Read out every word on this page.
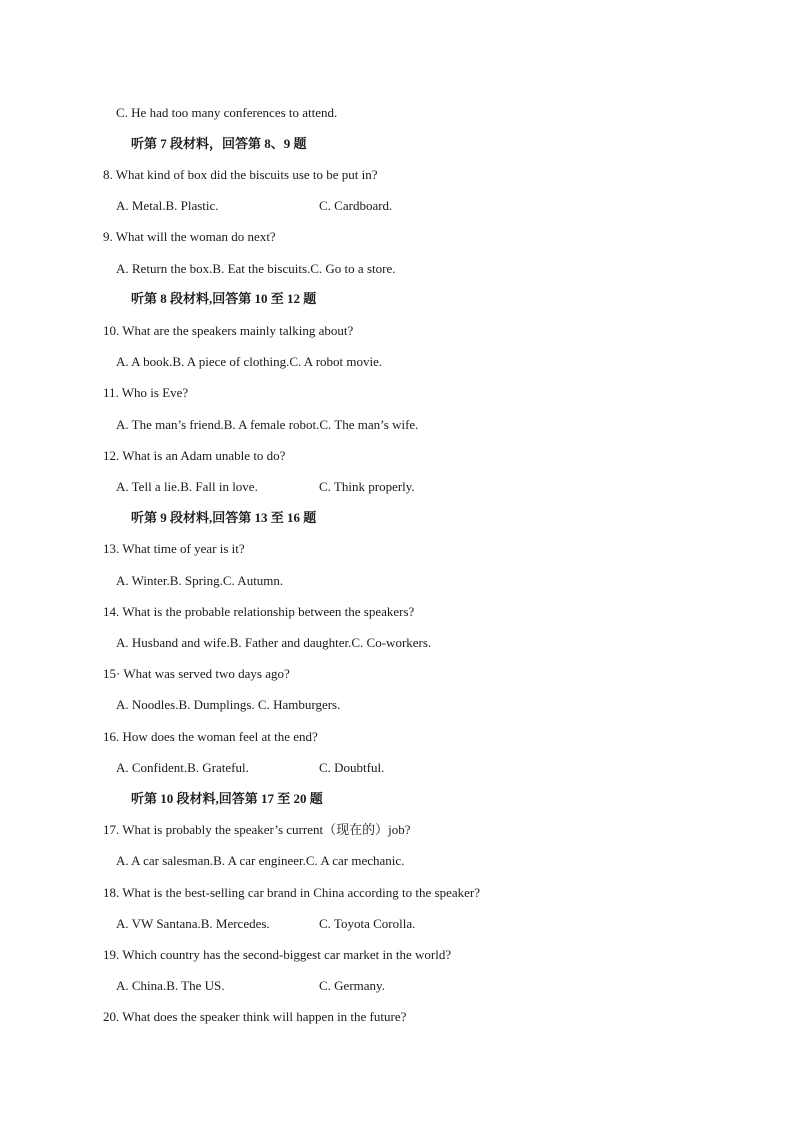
C. He had too many conferences to attend.
听第 7 段材料，回答第 8、9 题
8. What kind of box did the biscuits use to be put in?
A. Metal.B. Plastic.	C. Cardboard.
9. What will the woman do next?
A. Return the box.B. Eat the biscuits.C. Go to a store.
听第 8 段材料,回答第 10 至 12 题
10. What are the speakers mainly talking about?
A. A book.B. A piece of clothing.C. A robot movie.
11. Who is Eve?
A. The man’s friend.B. A female robot.C. The man’s wife.
12. What is an Adam unable to do?
A. Tell a lie.B. Fall in love.	C. Think properly.
听第 9 段材料,回答第 13 至 16 题
13. What time of year is it?
A. Winter.B. Spring.C. Autumn.
14. What is the probable relationship between the speakers?
A. Husband and wife.B. Father and daughter.C. Co-workers.
15· What was served two days ago?
A. Noodles.B. Dumplings. C. Hamburgers.
16. How does the woman feel at the end?
A. Confident.B. Grateful.	C. Doubtful.
听第 10 段材料,回答第 17 至 20 题
17. What is probably the speaker’s current（现在的）job?
A. A car salesman.B. A car engineer.C. A car mechanic.
18. What is the best-selling car brand in China according to the speaker?
A. VW Santana.B. Mercedes.	C. Toyota Corolla.
19. Which country has the second-biggest car market in the world?
A. China.B. The US.	C. Germany.
20. What does the speaker think will happen in the future?
